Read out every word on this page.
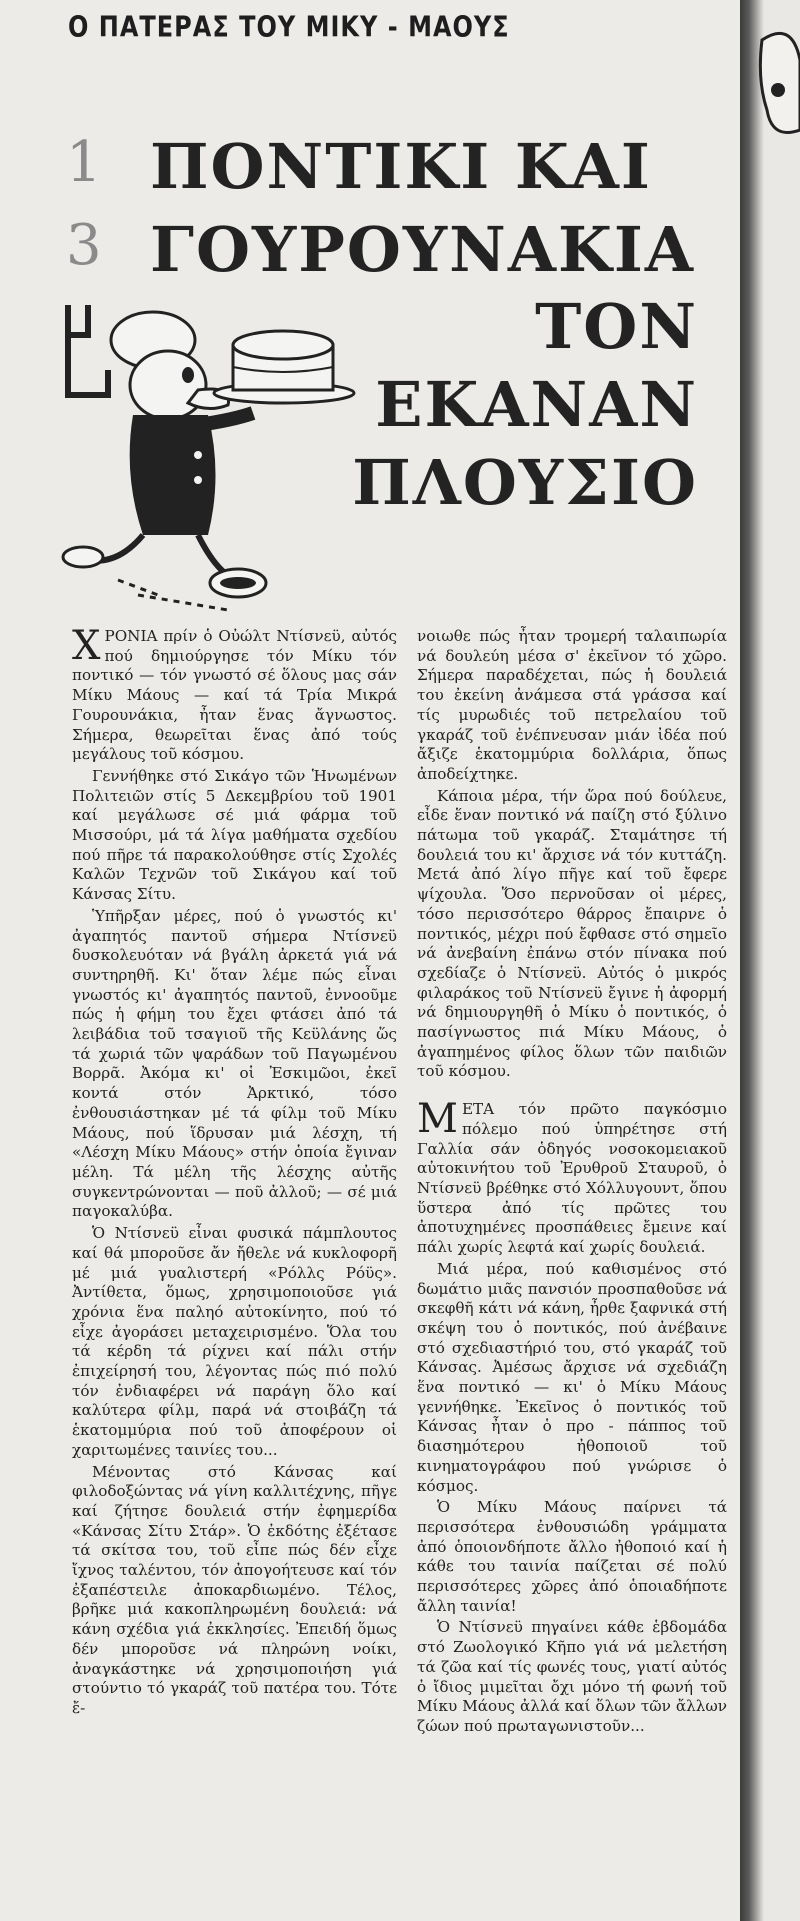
Ο ΠΑΤΕΡΑΣ ΤΟΥ ΜΙΚΥ - ΜΑΟΥΣ
1
3
ΠΟΝΤΙΚΙ ΚΑΙ
ΓΟΥΡΟΥΝΑΚΙΑ
ΤΟΝ
ΕΚΑΝΑΝ
ΠΛΟΥΣΙΟ

ΧΡΟΝΙΑ πρίν ὁ Οὐώλτ Ντίσνεϋ, αὐτός πού δημιούργησε τόν Μίκυ τόν ποντικό — τόν γνωστό σέ ὅλους μας σάν Μίκυ Μάους — καί τά Τρία Μικρά Γουρουνάκια, ἦταν ἕνας ἄγνωστος. Σήμερα, θεωρεῖται ἕνας ἀπό τούς μεγάλους τοῦ κόσμου.

Γεννήθηκε στό Σικάγο τῶν Ἡνωμένων Πολιτειῶν στίς 5 Δεκεμβρίου τοῦ 1901 καί μεγάλωσε σέ μιά φάρμα τοῦ Μισσούρι, μά τά λίγα μαθήματα σχεδίου πού πῆρε τά παρακολούθησε στίς Σχολές Καλῶν Τεχνῶν τοῦ Σικάγου καί τοῦ Κάνσας Σίτυ.

Ὑπῆρξαν μέρες, πού ὁ γνωστός κι' ἀγαπητός παντοῦ σήμερα Ντίσνεϋ δυσκολευόταν νά βγάλη ἀρκετά γιά νά συντηρηθῆ. Κι' ὅταν λέμε πώς εἶναι γνωστός κι' ἀγαπητός παντοῦ, ἐννοοῦμε πώς ἡ φήμη του ἔχει φτάσει ἀπό τά λειβάδια τοῦ τσαγιοῦ τῆς Κεϋλάνης ὥς τά χωριά τῶν ψαράδων τοῦ Παγωμένου Βορρᾶ. Ἀκόμα κι' οἱ Ἐσκιμῶοι, ἐκεῖ κοντά στόν Ἀρκτικό, τόσο ἐνθουσιάστηκαν μέ τά φίλμ τοῦ Μίκυ Μάους, πού ἵδρυσαν μιά λέσχη, τή «Λέσχη Μίκυ Μάους» στήν ὁποία ἔγιναν μέλη. Τά μέλη τῆς λέσχης αὐτῆς συγκεντρώνονται — ποῦ ἀλλοῦ; — σέ μιά παγοκαλύβα.

Ὁ Ντίσνεϋ εἶναι φυσικά πάμπλουτος καί θά μποροῦσε ἄν ἤθελε νά κυκλοφορῆ μέ μιά γυαλιστερή «Ρόλλς Ρόϋς». Ἀντίθετα, ὅμως, χρησιμοποιοῦσε γιά χρόνια ἕνα παληό αὐτοκίνητο, πού τό εἶχε ἀγοράσει μεταχειρισμένο. Ὅλα του τά κέρδη τά ρίχνει καί πάλι στήν ἐπιχείρησή του, λέγοντας πώς πιό πολύ τόν ἐνδιαφέρει νά παράγη ὅλο καί καλύτερα φίλμ, παρά νά στοιβάζη τά ἑκατομμύρια πού τοῦ ἀποφέρουν οἱ χαριτωμένες ταινίες του...

Μένοντας στό Κάνσας καί φιλοδοξώντας νά γίνη καλλιτέχνης, πῆγε καί ζήτησε δουλειά στήν ἐφημερίδα «Κάνσας Σίτυ Στάρ». Ὁ ἐκδότης ἐξέτασε τά σκίτσα του, τοῦ εἶπε πώς δέν εἶχε ἴχνος ταλέντου, τόν ἀπογοήτευσε καί τόν ἐξαπέστειλε ἀποκαρδιωμένο. Τέλος, βρῆκε μιά κακοπληρωμένη δουλειά: νά κάνη σχέδια γιά ἐκκλησίες. Ἐπειδή ὅμως δέν μποροῦσε νά πληρώνη νοίκι, ἀναγκάστηκε νά χρησιμοποιήση γιά στούντιο τό γκαράζ τοῦ πατέρα του. Τότε ἔ-

νοιωθε πώς ἦταν τρομερή ταλαιπωρία νά δουλεύη μέσα σ' ἐκεῖνον τό χῶρο. Σήμερα παραδέχεται, πώς ἡ δουλειά του ἐκείνη ἀνάμεσα στά γράσσα καί τίς μυρωδιές τοῦ πετρελαίου τοῦ γκαράζ τοῦ ἐνέπνευσαν μιάν ἰδέα πού ἄξιζε ἑκατομμύρια δολλάρια, ὅπως ἀποδείχτηκε.

Κάποια μέρα, τήν ὥρα πού δούλευε, εἶδε ἕναν ποντικό νά παίζη στό ξύλινο πάτωμα τοῦ γκαράζ. Σταμάτησε τή δουλειά του κι' ἄρχισε νά τόν κυττάζη. Μετά ἀπό λίγο πῆγε καί τοῦ ἔφερε ψίχουλα. Ὅσο περνοῦσαν οἱ μέρες, τόσο περισσότερο θάρρος ἔπαιρνε ὁ ποντικός, μέχρι πού ἔφθασε στό σημεῖο νά ἀνεβαίνη ἐπάνω στόν πίνακα πού σχεδίαζε ὁ Ντίσνεϋ. Αὐτός ὁ μικρός φιλαράκος τοῦ Ντίσνεϋ ἔγινε ἡ ἀφορμή νά δημιουργηθῆ ὁ Μίκυ ὁ ποντικός, ὁ πασίγνωστος πιά Μίκυ Μάους, ὁ ἀγαπημένος φίλος ὅλων τῶν παιδιῶν τοῦ κόσμου.

ΜΕΤΑ τόν πρῶτο παγκόσμιο πόλεμο πού ὑπηρέτησε στή Γαλλία σάν ὁδηγός νοσοκομειακοῦ αὐτοκινήτου τοῦ Ἐρυθροῦ Σταυροῦ, ὁ Ντίσνεϋ βρέθηκε στό Χόλλυγουντ, ὅπου ὕστερα ἀπό τίς πρῶτες του ἀποτυχημένες προσπάθειες ἔμεινε καί πάλι χωρίς λεφτά καί χωρίς δουλειά.

Μιά μέρα, πού καθισμένος στό δωμάτιο μιᾶς πανσιόν προσπαθοῦσε νά σκεφθῆ κάτι νά κάνη, ἦρθε ξαφνικά στή σκέψη του ὁ ποντικός, πού ἀνέβαινε στό σχεδιαστήριό του, στό γκαράζ τοῦ Κάνσας. Ἀμέσως ἄρχισε νά σχεδιάζη ἕνα ποντικό — κι' ὁ Μίκυ Μάους γεννήθηκε. Ἐκεῖνος ὁ ποντικός τοῦ Κάνσας ἦταν ὁ προ - πάππος τοῦ διασημότερου ἠθοποιοῦ τοῦ κινηματογράφου πού γνώρισε ὁ κόσμος.

Ὁ Μίκυ Μάους παίρνει τά περισσότερα ἐνθουσιώδη γράμματα ἀπό ὁποιονδήποτε ἄλλο ἠθοποιό καί ἡ κάθε του ταινία παίζεται σέ πολύ περισσότερες χῶρες ἀπό ὁποιαδήποτε ἄλλη ταινία!

Ὁ Ντίσνεϋ πηγαίνει κάθε ἑβδομάδα στό Ζωολογικό Κῆπο γιά νά μελετήση τά ζῶα καί τίς φωνές τους, γιατί αὐτός ὁ ἴδιος μιμεῖται ὄχι μόνο τή φωνή τοῦ Μίκυ Μάους ἀλλά καί ὅλων τῶν ἄλλων ζώων πού πρωταγωνιστοῦν...
